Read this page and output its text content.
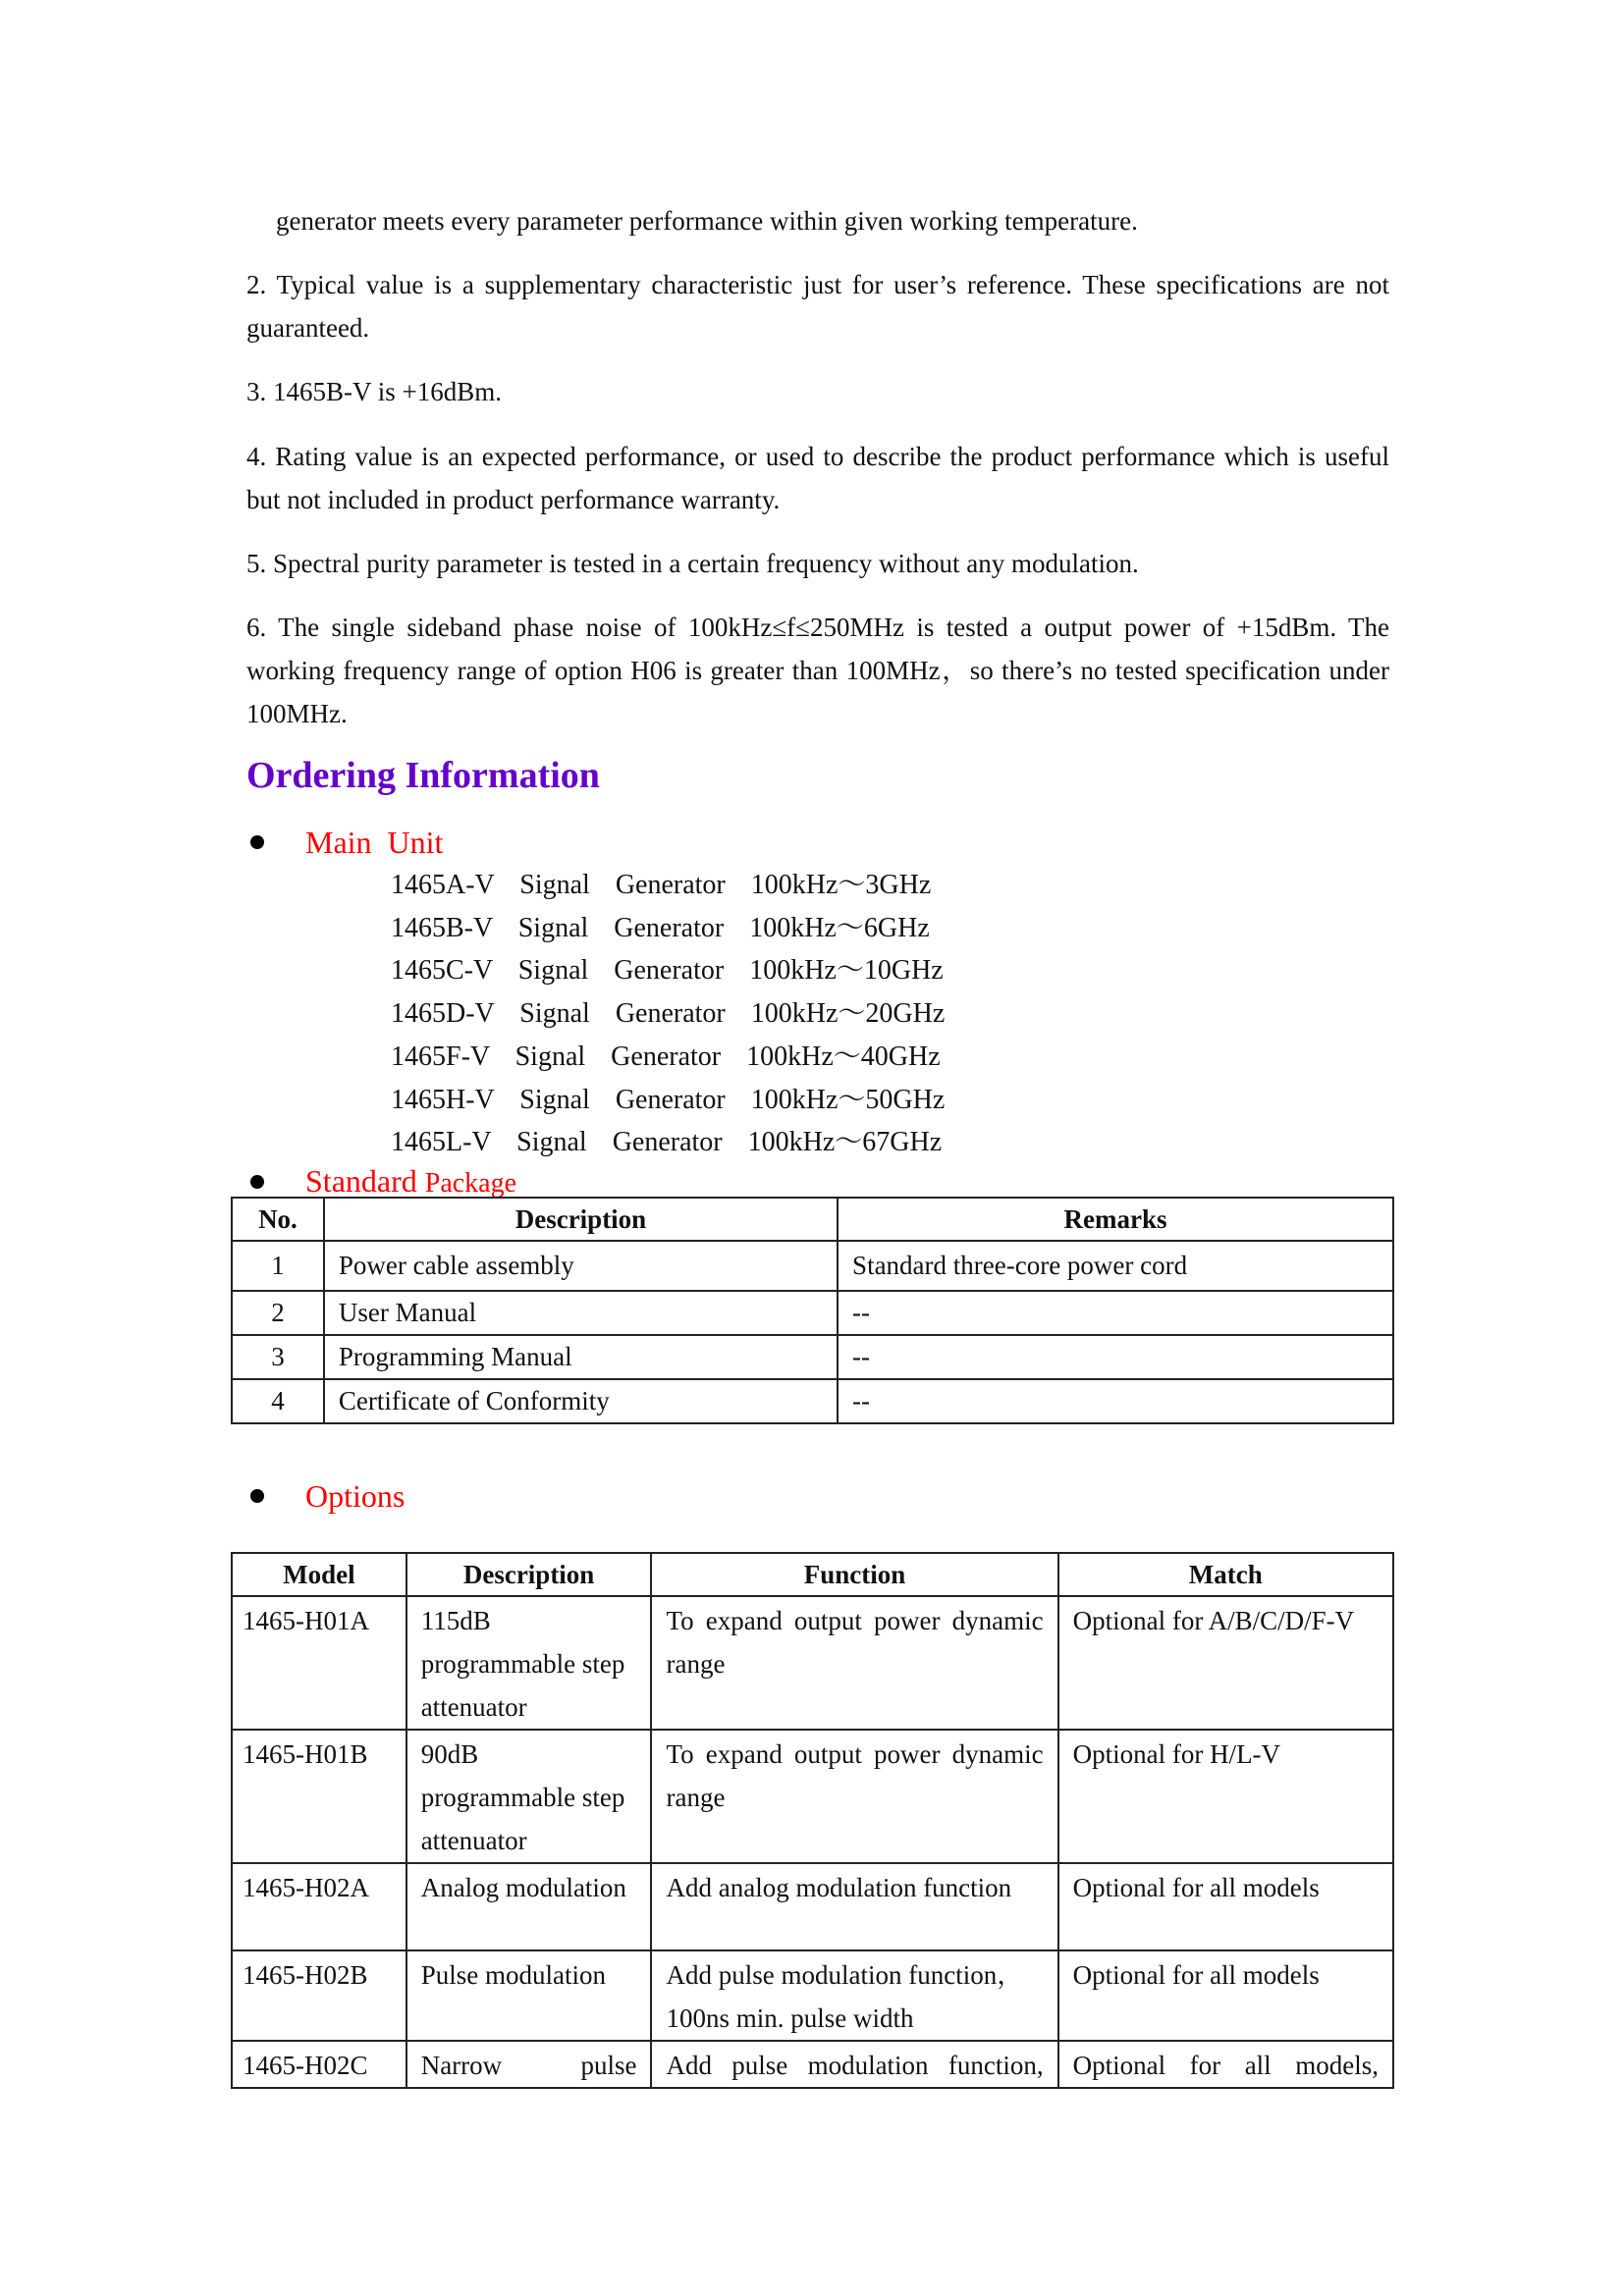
generator meets every parameter performance within given working temperature.
2. Typical value is a supplementary characteristic just for user’s reference. These specifications are not guaranteed.
3. 1465B-V is +16dBm.
4. Rating value is an expected performance, or used to describe the product performance which is useful but not included in product performance warranty.
5. Spectral purity parameter is tested in a certain frequency without any modulation.
6. The single sideband phase noise of 100kHz≤f≤250MHz is tested a output power of +15dBm. The working frequency range of option H06 is greater than 100MHz，so there’s no tested specification under 100MHz.
Ordering Information
Main  Unit
1465A-V  Signal  Generator  100kHz～3GHz
1465B-V  Signal  Generator  100kHz～6GHz
1465C-V  Signal  Generator  100kHz～10GHz
1465D-V  Signal  Generator  100kHz～20GHz
1465F-V  Signal  Generator  100kHz～40GHz
1465H-V  Signal  Generator  100kHz～50GHz
1465L-V  Signal  Generator  100kHz～67GHz
Standard Package
No.	Description	Remarks
1	Power cable assembly	Standard three-core power cord
2	User Manual	--
3	Programming Manual	--
4	Certificate of Conformity	--
Options
Model	Description	Function	Match
1465-H01A	115dB programmable step attenuator	To expand output power dynamic range	Optional for A/B/C/D/F-V
1465-H01B	90dB programmable step attenuator	To expand output power dynamic range	Optional for H/L-V
1465-H02A	Analog modulation	Add analog modulation function	Optional for all models
1465-H02B	Pulse modulation	Add pulse modulation function，100ns min. pulse width	Optional for all models
1465-H02C	Narrow pulse	Add pulse modulation function,	Optional for all models,
